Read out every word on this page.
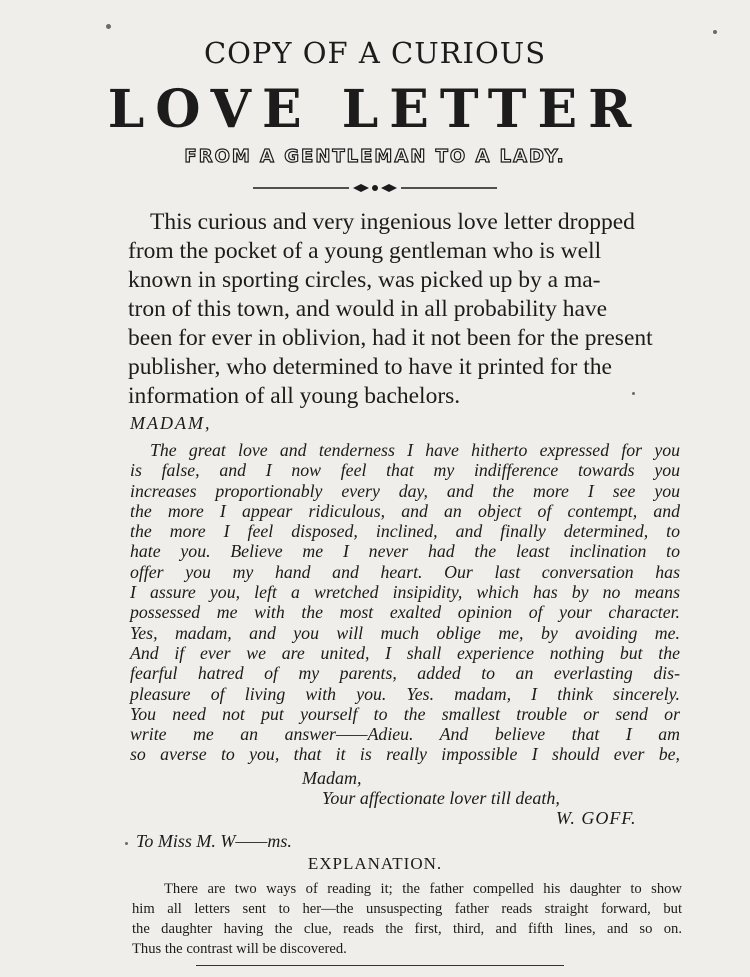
COPY OF A CURIOUS
LOVE LETTER
FROM A GENTLEMAN TO A LADY.
This curious and very ingenious love letter dropped
from the pocket of a young gentleman who is well
known in sporting circles, was picked up by a ma-
tron of this town, and would in all probability have
been for ever in oblivion, had it not been for the present
publisher, who determined to have it printed for the
information of all young bachelors.
MADAM,
The great love and tenderness I have hitherto expressed for you
is false, and I now feel that my indifference towards you
increases proportionably every day, and the more I see you
the more I appear ridiculous, and an object of contempt, and
the more I feel disposed, inclined, and finally determined, to
hate you. Believe me I never had the least inclination to
offer you my hand and heart. Our last conversation has
I assure you, left a wretched insipidity, which has by no means
possessed me with the most exalted opinion of your character.
Yes, madam, and you will much oblige me, by avoiding me.
And if ever we are united, I shall experience nothing but the
fearful hatred of my parents, added to an everlasting dis-
pleasure of living with you. Yes. madam, I think sincerely.
You need not put yourself to the smallest trouble or send or
write me an answer——Adieu. And believe that I am
so averse to you, that it is really impossible I should ever be,
Madam,
Your affectionate lover till death,
W. GOFF.
To Miss M. W——ms.
EXPLANATION.
There are two ways of reading it; the father compelled his daughter to show
him all letters sent to her—the unsuspecting father reads straight forward, but
the daughter having the clue, reads the first, third, and fifth lines, and so on.
Thus the contrast will be discovered.
